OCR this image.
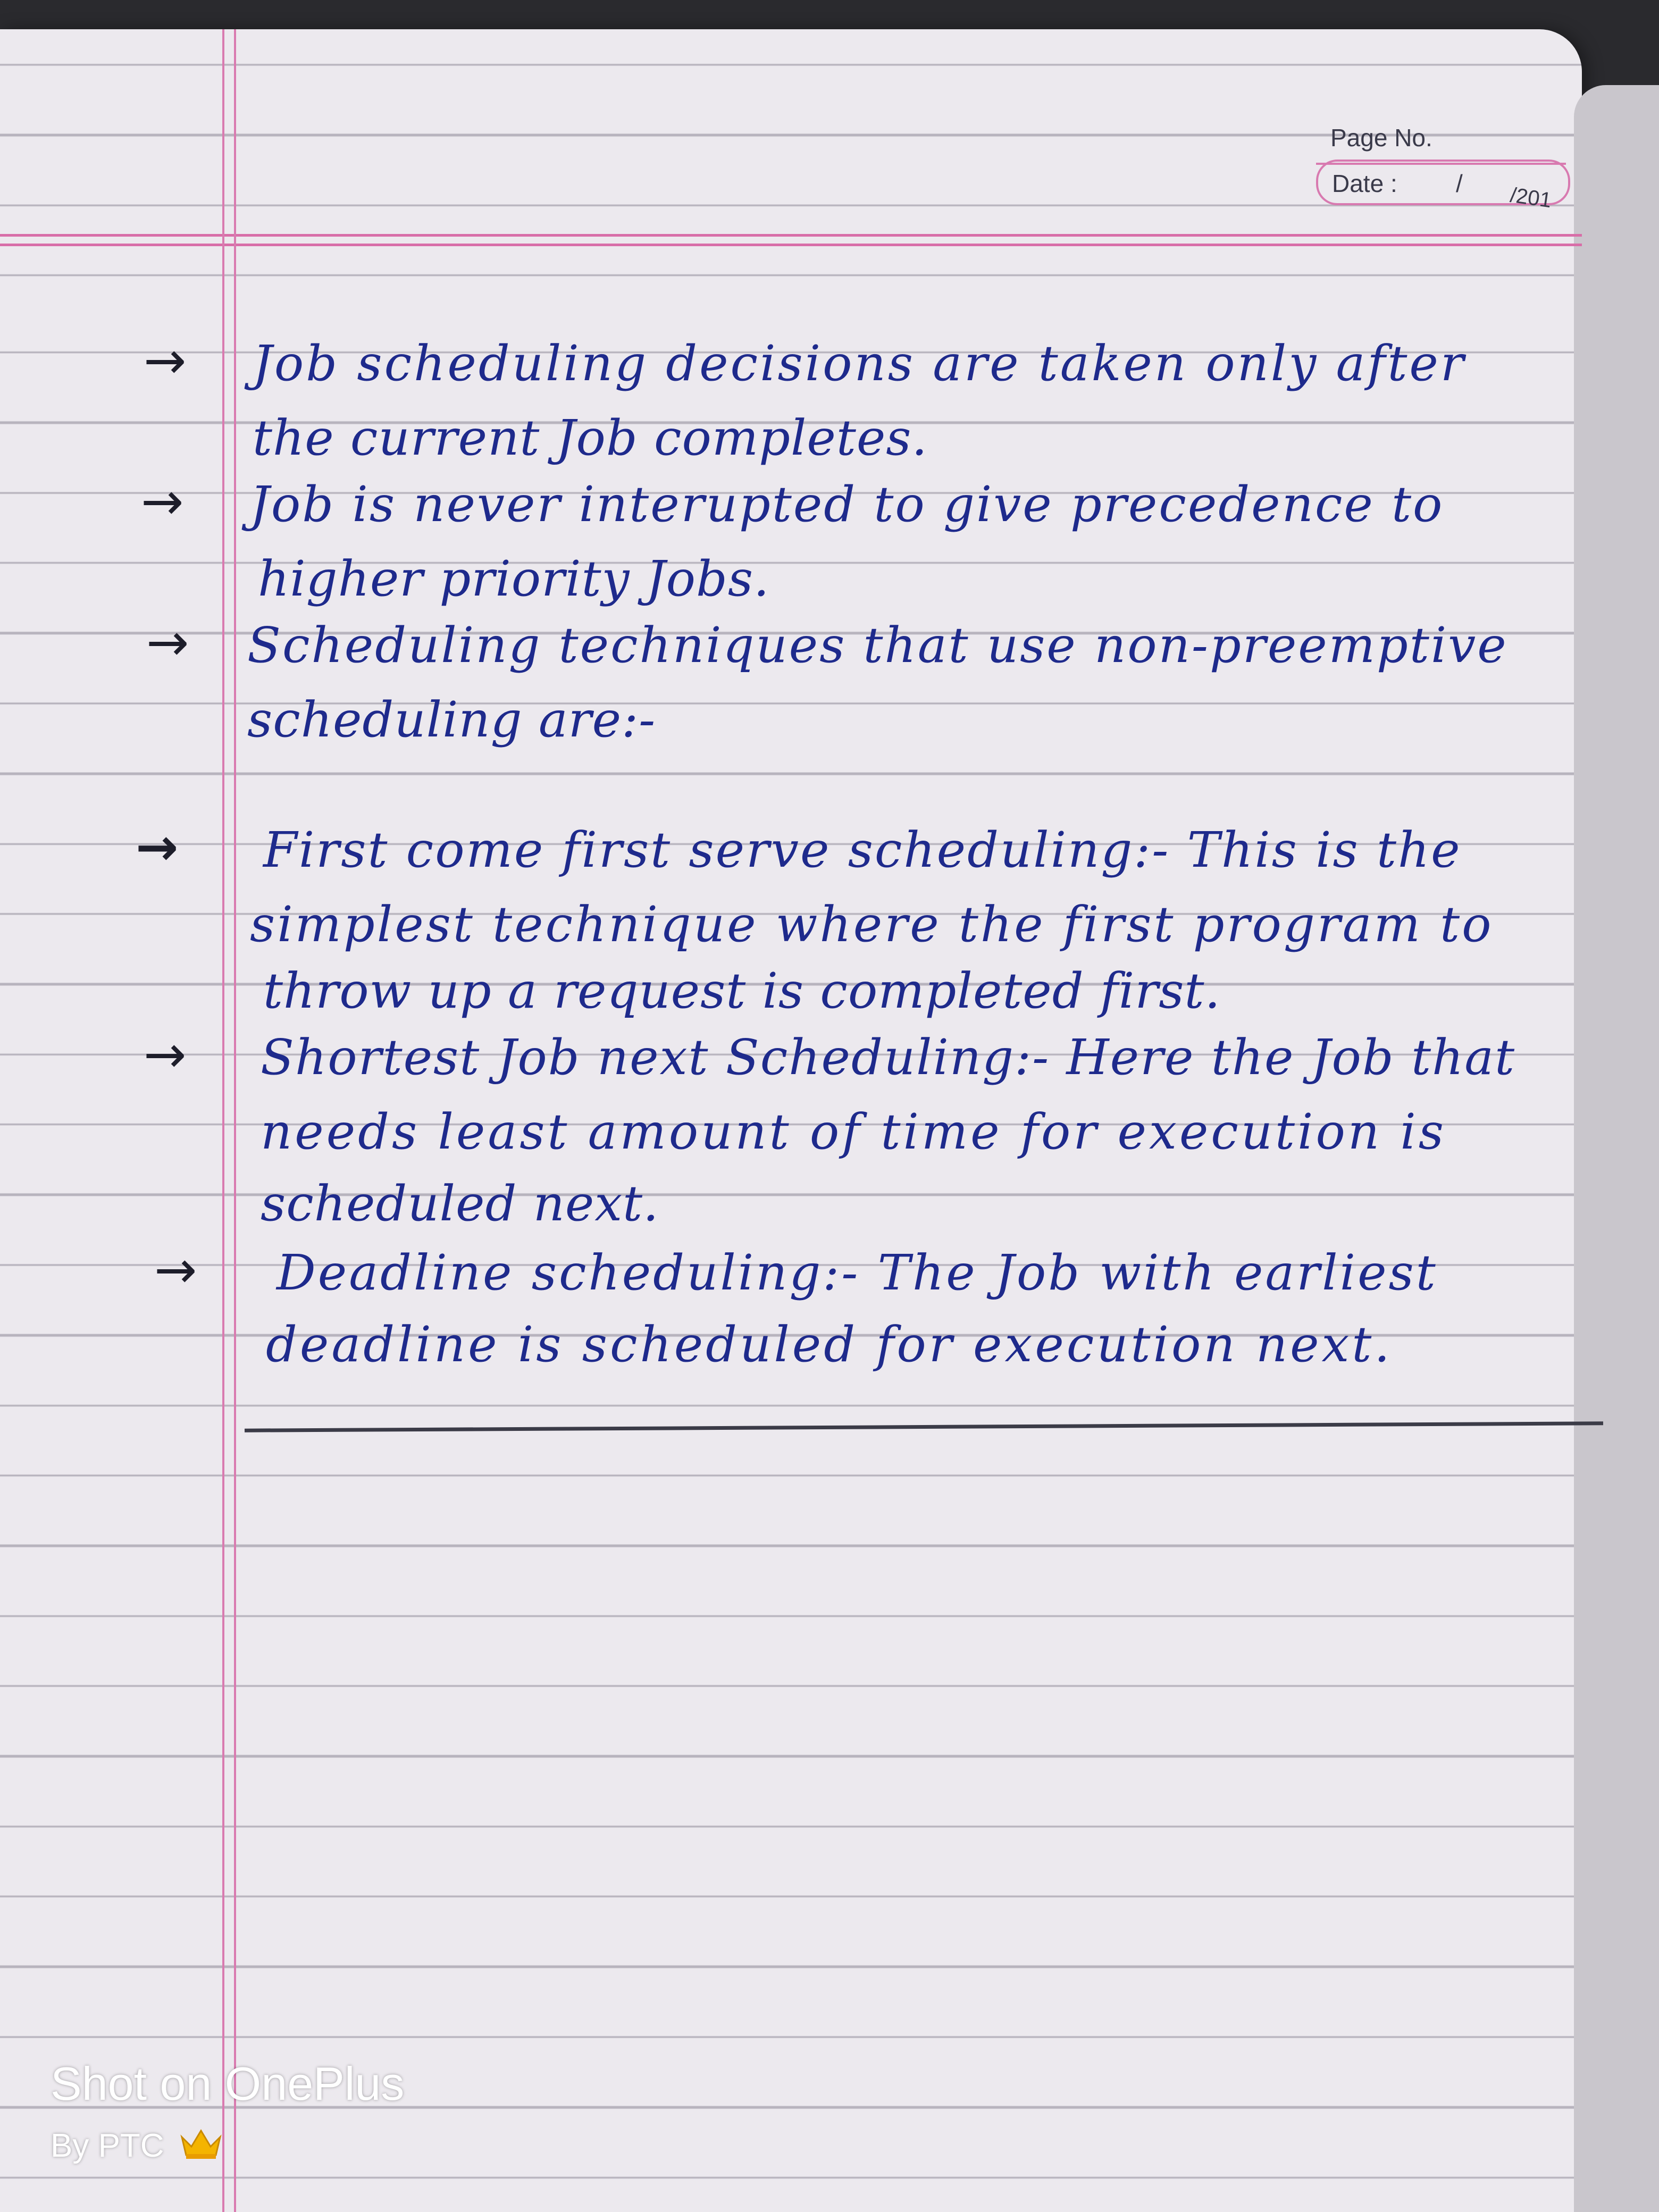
Page No.
Date : / /201
→
→
→
→
→
→
Job scheduling decisions are taken only after
the current Job completes.
Job is never interupted to give precedence to
higher priority Jobs.
Scheduling techniques that use non-preemptive
scheduling are:-
First come first serve scheduling:- This is the
simplest technique where the first program to
throw up a request is completed first.
Shortest Job next Scheduling:- Here the Job that
needs least amount of time for execution is
scheduled next.
Deadline scheduling:- The Job with earliest
deadline is scheduled for execution next.
Shot on OnePlus
By PTC
